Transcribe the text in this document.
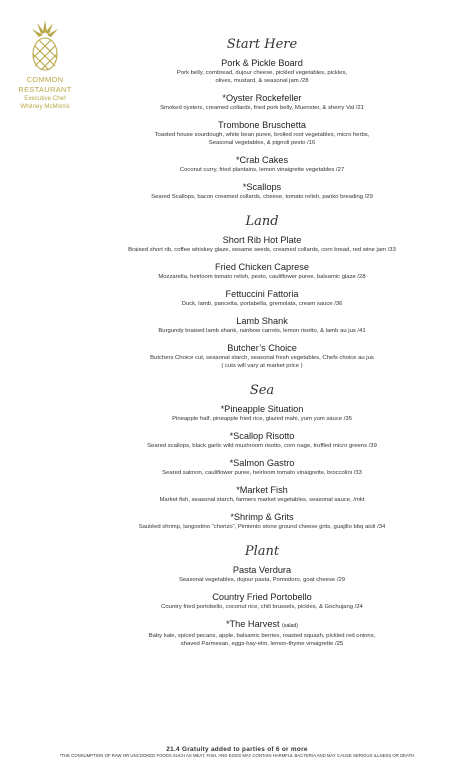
COMMON
RESTAURANT
Executive Chef
Whitney McMorris
Start Here
Pork & Pickle Board
Pork belly, cornbread, dujour cheese, pickled vegetables, pickles,
olives, mustard, & seasonal jam /28
*Oyster Rockefeller
Smoked oysters, creamed collards, fried pork belly, Muenster, & sherry Val /21
Trombone Bruschetta
Toasted house sourdough, white bean puree, broiled root vegetables, micro herbs,
Seasonal vegetables, & pignoli pesto /16
*Crab Cakes
Coconut curry, fried plantains, lemon vinaigrette vegetables /27
*Scallops
Seared Scallops, bacon creamed collards, cheese, tomato relish, panko breading /29
Land
Short Rib Hot Plate
Braised short rib, coffee whiskey glaze, sesame seeds, creamed collards, corn bread, red wine jam /33
Fried Chicken Caprese
Mozzarella, heirloom tomato relish, pesto, cauliflower puree, balsamic glaze /28
Fettuccini Fattoria
Duck, lamb, pancetta, portabella, gremolata, cream sauce /36
Lamb Shank
Burgundy braised lamb shank, rainbow carrots, lemon risotto, & lamb au jus /41
Butcher’s Choice
Butchers Choice cut, seasonal starch, seasonal fresh vegetables, Chefs choice au jus
( cuts will vary at market price )
Sea
*Pineapple Situation
Pineapple half, pineapple fried rice, glazed mahi, yum yum sauce /35
*Scallop Risotto
Seared scallops, black garlic wild mushroom risotto, corn nage, truffled micro greens /39
*Salmon Gastro
Seared salmon, cauliflower puree, heirloom tomato vinaigrette, broccolini /33
*Market Fish
Market fish, seasonal starch, farmers market vegetables, seasonal sauce, /mkt
*Shrimp & Grits
Sautéed shrimp, langostino “chorizo”, Pimiento stone ground cheese grits, guajillo bbq aioli /34
Plant
Pasta Verdura
Seasonal vegetables, dujour pasta, Pomodoro, goat cheese /29
Country Fried Portobello
Country fried portobello, coconut rice, chili brussels, pickles, & Gochujang /24
*The Harvest (salad)
Baby kale, spiced pecans, apple, balsamic berries, roasted squash, pickled red onions,
shaved Parmesan, eggs-hay-elm, lemon-thyme vinaigrette /25
21.4 Gratuity added to parties of 6 or more
*THE CONSUMPTION OF RAW OR UNCOOKED FOODS SUCH AS MEAT, FISH, AND EGGS MAY CONTAIN HARMFUL BACTERIA AND MAY CAUSE SERIOUS ILLNESS OR DEATH
